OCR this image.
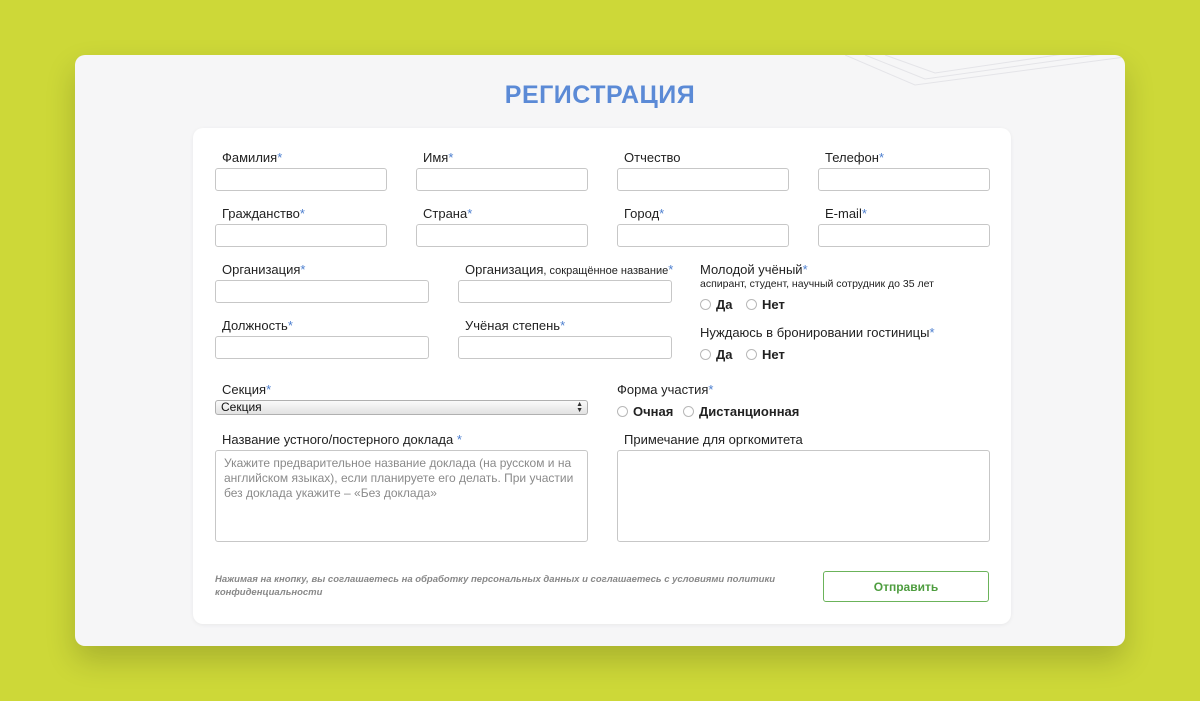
РЕГИСТРАЦИЯ
Фамилия*	Имя*	Отчество	Телефон*
Гражданство*	Страна*	Город*	E-mail*
Организация*	Организация, сокращённое название* Молодой учёный*
аспирант, студент, научный сотрудник до 35 лет
Да Нет
Должность*	Учёная степень*	Нуждаюсь в бронировании гостиницы*
Да Нет
Секция*
Секция	▲
▼
Форма участия*
Очная Дистанционная
Название устного/постерного доклада *
Укажите предварительное название доклада (на русском и на английском языках), если планируете его делать. При участии без доклада укажите – «Без доклада»
Примечание для оргкомитета
Нажимая на кнопку, вы соглашаетесь на обработку персональных данных и соглашаетесь с условиями политики конфиденциальности	Отправить
